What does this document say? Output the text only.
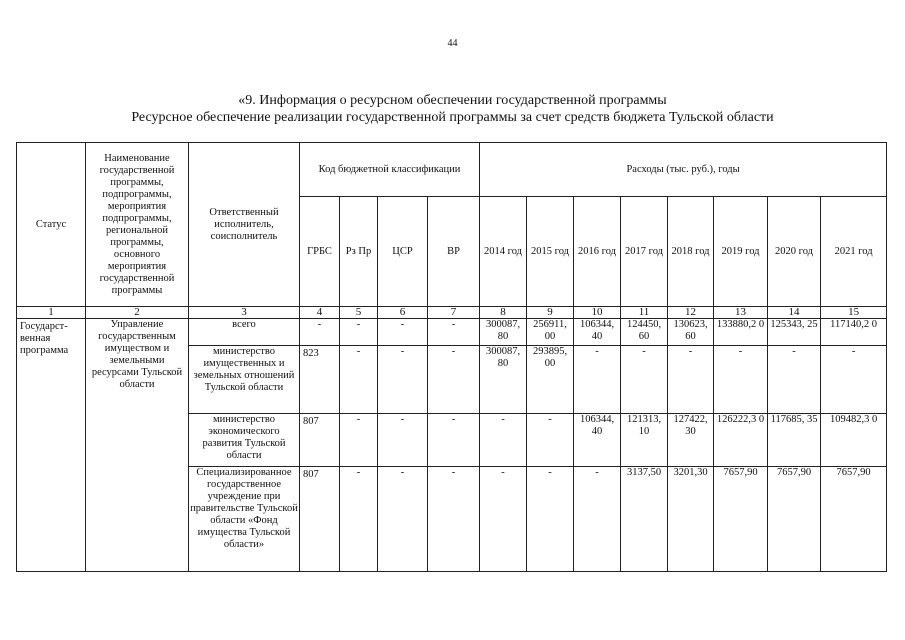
44
«9. Информация о ресурсном обеспечении государственной программы
Ресурсное обеспечение реализации государственной программы за счет средств бюджета Тульской области
Статус	Наименование государственной программы, подпрограммы, мероприятия подпрограммы, региональной программы, основного мероприятия государственной программы	Ответственный исполнитель, соисполнитель	Код бюджетной классификации				Расходы (тыс. руб.), годы							
			ГРБС	Рз Пр	ЦСР	ВР	2014 год	2015 год	2016 год	2017 год	2018 год	2019 год	2020 год	2021 год
1	2	3	4	5	6	7	8	9	10	11	12	13	14	15
Государст-венная программа	Управление государственным имуществом и земельными ресурсами Тульской области	всего	-	-	-	-	300087, 80	256911, 00	106344, 40	124450, 60	130623, 60	133880,2 0	125343, 25	117140,2 0
		министерство имущественных и земельных отношений Тульской области	823	-	-	-	300087, 80	293895, 00	-	-	-	-	-	-
		министерство экономического развития Тульской области	807	-	-	-	-	-	106344, 40	121313, 10	127422, 30	126222,3 0	117685, 35	109482,3 0
		Специализированное государственное учреждение при правительстве Тульской области «Фонд имущества Тульской области»	807	-	-	-	-	-	-	3137,50	3201,30	7657,90	7657,90	7657,90
